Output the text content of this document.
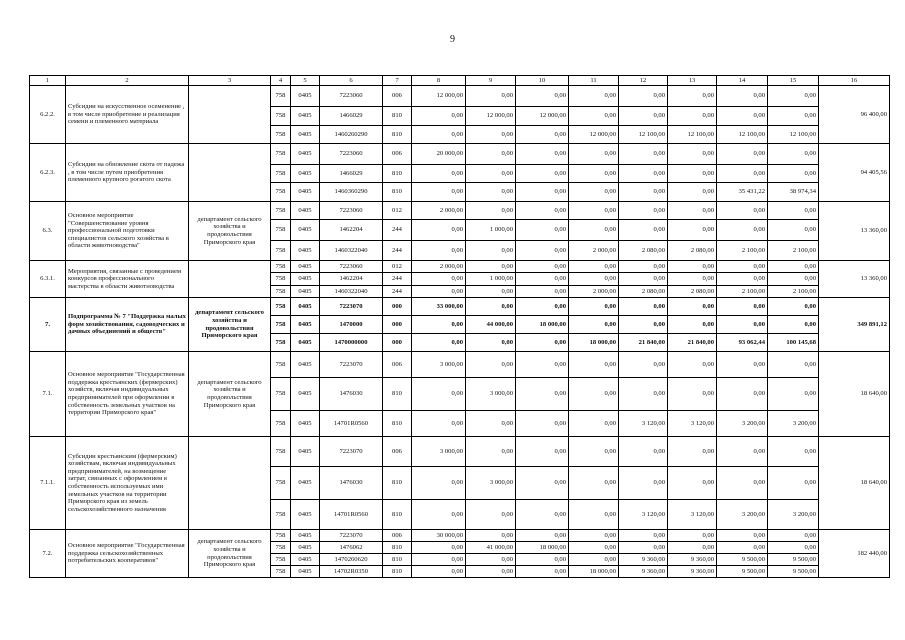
9
1	2	3	4	5	6	7	8	9	10	11	12	13	14	15	16
6.2.2.	Субсидии на искусственное осеменение , в том числе приобретение и реализация семени и племенного материала		758	0405	7223060	006	12 000,00	0,00	0,00	0,00	0,00	0,00	0,00	0,00	96 400,00
			758	0405	1466029	810	0,00	12 000,00	12 000,00	0,00	0,00	0,00	0,00	0,00	
			758	0405	1460260290	810	0,00	0,00	0,00	12 000,00	12 100,00	12 100,00	12 100,00	12 100,00	
6.2.3.	Субсидии на обновление скота от падежа , в том числе путем приобретения племенного крупного рогатого скота		758	0405	7223060	006	20 000,00	0,00	0,00	0,00	0,00	0,00	0,00	0,00	94 405,56
			758	0405	1466029	810	0,00	0,00	0,00	0,00	0,00	0,00	0,00	0,00	
			758	0405	1460360290	810	0,00	0,00	0,00	0,00	0,00	0,00	35 431,22	38 974,34	
6.3.	Основное мероприятие "Совершенствование уровня профессиональной подготовки специалистов сельского хозяйства в области животноводства"	департамент сельского хозяйства и продовольствия Приморского края	758	0405	7223060	012	2 000,00	0,00	0,00	0,00	0,00	0,00	0,00	0,00	13 360,00
			758	0405	1462204	244	0,00	1 000,00	0,00	0,00	0,00	0,00	0,00	0,00	
			758	0405	1460322040	244	0,00	0,00	0,00	2 000,00	2 080,00	2 080,00	2 100,00	2 100,00	
6.3.1.	Мероприятия, связанные с проведением конкурсов профессионального мастерства в области животноводства		758	0405	7223060	012	2 000,00	0,00	0,00	0,00	0,00	0,00	0,00	0,00	13 360,00
			758	0405	1462204	244	0,00	1 000,00	0,00	0,00	0,00	0,00	0,00	0,00	
			758	0405	1460322040	244	0,00	0,00	0,00	2 000,00	2 080,00	2 080,00	2 100,00	2 100,00	
7.	Подпрограмма № 7 "Поддержка малых форм хозяйствования, садоводческих и дачных объединений и обществ"	департамент сельского хозяйства и продовольствия Приморского края	758	0405	7223070	000	33 000,00	0,00	0,00	0,00	0,00	0,00	0,00	0,00	349 891,12
			758	0405	1470000	000	0,00	44 000,00	18 000,00	0,00	0,00	0,00	0,00	0,00	
			758	0405	1470000000	000	0,00	0,00	0,00	18 000,00	21 840,00	21 840,00	93 062,44	100 145,68	
7.1.	Основное мероприятие "Государственная поддержка крестьянских (фермерских) хозяйств, включая индивидуальных предпринимателей при оформлении в собственность земельных участков на территории Приморского края"	департамент сельского хозяйства и продовольствия Приморского края	758	0405	7223070	006	3 000,00	0,00	0,00	0,00	0,00	0,00	0,00	0,00	18 640,00
			758	0405	1476030	810	0,00	3 000,00	0,00	0,00	0,00	0,00	0,00	0,00	
			758	0405	14701R0560	810	0,00	0,00	0,00	0,00	3 120,00	3 120,00	3 200,00	3 200,00	
7.1.1.	Субсидии крестьянским (фермерским) хозяйствам, включая индивидуальных предпринимателей, на возмещение затрат, связанных с оформлением в собственность используемых ими земельных участков на территории Приморского края из земель сельскохозяйственного назначения		758	0405	7223070	006	3 000,00	0,00	0,00	0,00	0,00	0,00	0,00	0,00	18 640,00
			758	0405	1476030	810	0,00	3 000,00	0,00	0,00	0,00	0,00	0,00	0,00	
			758	0405	14701R0560	810	0,00	0,00	0,00	0,00	3 120,00	3 120,00	3 200,00	3 200,00	
7.2.	Основное мероприятие "Государственная поддержка сельскохозяйственных потребительских кооперативов"	департамент сельского хозяйства и продовольствия Приморского края	758	0405	7223070	006	30 000,00	0,00	0,00	0,00	0,00	0,00	0,00	0,00	182 440,00
			758	0405	1476062	810	0,00	41 000,00	18 000,00	0,00	0,00	0,00	0,00	0,00	
			758	0405	1470260620	810	0,00	0,00	0,00	0,00	9 360,00	9 360,00	9 500,00	9 500,00	
			758	0405	14702R0350	810	0,00	0,00	0,00	18 000,00	9 360,00	9 360,00	9 500,00	9 500,00	
